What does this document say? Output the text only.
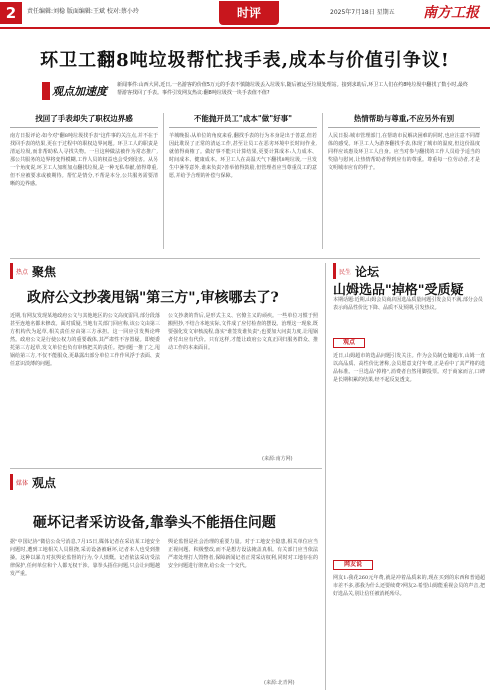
2	责任编辑:刘稳 版面编辑:王斌 校对:蔡小玲	时评	2025年7月18日 星期五 南方工报
环卫工翻8吨垃圾帮忙找手表,成本与价值引争议!
观点加速度 新闻事件:山西大同,近日,一名游客的价值5万元的手表不慎随垃圾丢入垃圾车,随后被运至垃圾处理站。接到求助后,环卫工人们在约8吨垃圾中翻找了数小时,最终帮游客找回了手表。事件引发网友热议:翻8吨垃圾找一块手表值不值?
找回了手表却失了职权边界感
南方日报评论:如今对"翻8吨垃圾找手表"这件事的关注点,并不在于找回手表的结果,更在于过程中的职权边界问题。环卫工人的职责是清运垃圾,而非帮助私人寻找失物。一旦这种做法被作为常态推广,那公共服务的边界将变得模糊,工作人员的权益也会受到侵害。从另一个角度说,环卫工人加班加点翻找垃圾,是一种无私奉献,值得尊重,但不应被要求或被期待。帮忙是情分,不帮是本分,公共服务需要清晰的边界感。
不能抛开员工"成本"做"好事"
羊城晚报:从单位的角度来看,翻找手表的行为本身是出于善意,但若因此耽误了正常的清运工作,甚至让员工在恶劣环境中长时间作业,就值得商榷了。做好事不能只计算结果,更要计算成本:人力成本、时间成本、健康成本。环卫工人在高温天气下翻找8吨垃圾,一旦发生中暑等意外,谁来负责?善举值得鼓励,但管理者应当尊重员工的意愿,并给予合理的补偿与保障。
热情帮助与尊重,不应另外有别
人民日报:城市管理部门,在帮助市民解决困难的同时,也应注意不同群体的感受。环卫工人为游客翻找手表,体现了城市的温度,但这份温度同样应该惠及环卫工人自身。应当对参与翻找的工作人员给予适当的奖励与慰问,让热情帮助者得到应有的尊重。尊重每一位劳动者,才是文明城市应有的样子。
热点 聚焦
政府公文抄袭甩锅"第三方",审核哪去了?
近期,有网友发现某地政府公文与其他地区的公文高度雷同,部分段落甚至连地名都未修改。面对质疑,当地有关部门回应称,该公文由第三方机构代为起草,相关责任应由第三方承担。这一回应引发舆论哗然。政府公文是行使公权力的重要载体,其严肃性不容置疑。即便委托第三方起草,发文单位也负有审核把关的责任。把问题一推了之,甩锅给第三方,不仅不能服众,更暴露出部分单位工作作风浮于表面、责任意识淡薄的问题。
公文抄袭的背后,是形式主义、官僚主义的顽疾。一些单位习惯于照搬照抄,不结合本地实际,文件成了应付检查的摆设。治理这一现象,既要强化发文审核流程,落实"谁签发谁负责";也要加大问责力度,让甩锅者付出应有代价。只有这样,才能让政府公文真正回归服务群众、推动工作的本来面目。
(来源:南方网)
媒体 观点
砸坏记者采访设备,靠拳头不能捂住问题
据"中国记协"微信公众号消息,7月15日,媒体记者在采访某工地安全问题时,遭到工地相关人员阻挠,采访设备被砸坏,记者本人也受到推搡。这种以暴力对抗舆论监督的行为,令人愤慨。记者依法采访受法律保护,任何单位和个人都无权干涉。靠拳头捂住问题,只会让问题越发严重。
舆论监督是社会治理的重要力量。对于工地安全隐患,相关单位应当正视问题、积极整改,而不是想方设法掩盖真相。有关部门应当依法严肃处理打人毁物者,保障新闻记者正常采访权利,同时对工地存在的安全问题进行彻查,给公众一个交代。
(来源:北青网)
民生 论坛
山姆选品"掉格"受质疑
本期话题:近期,山姆会员商店因选品质量问题引发会员不满,部分会员表示商品性价比下降、品质不及预期,引发热议。
观点
近日,山姆超市的选品问题引发关注。作为会员制仓储超市,山姆一直以高品质、高性价比著称,会员愿意支付年费,正是看中了其严格的选品标准。一旦选品"掉格",消费者自然用脚投票。对于商家而言,口碑是长期积累的结果,经不起反复透支。
网友说
网友1:我花260元年费,就是冲着品质来的,现在买到的东西和普通超市差不多,那我为什么还要续费?网友2:希望山姆能重视会员的声音,把好选品关,别让信任被消耗殆尽。
